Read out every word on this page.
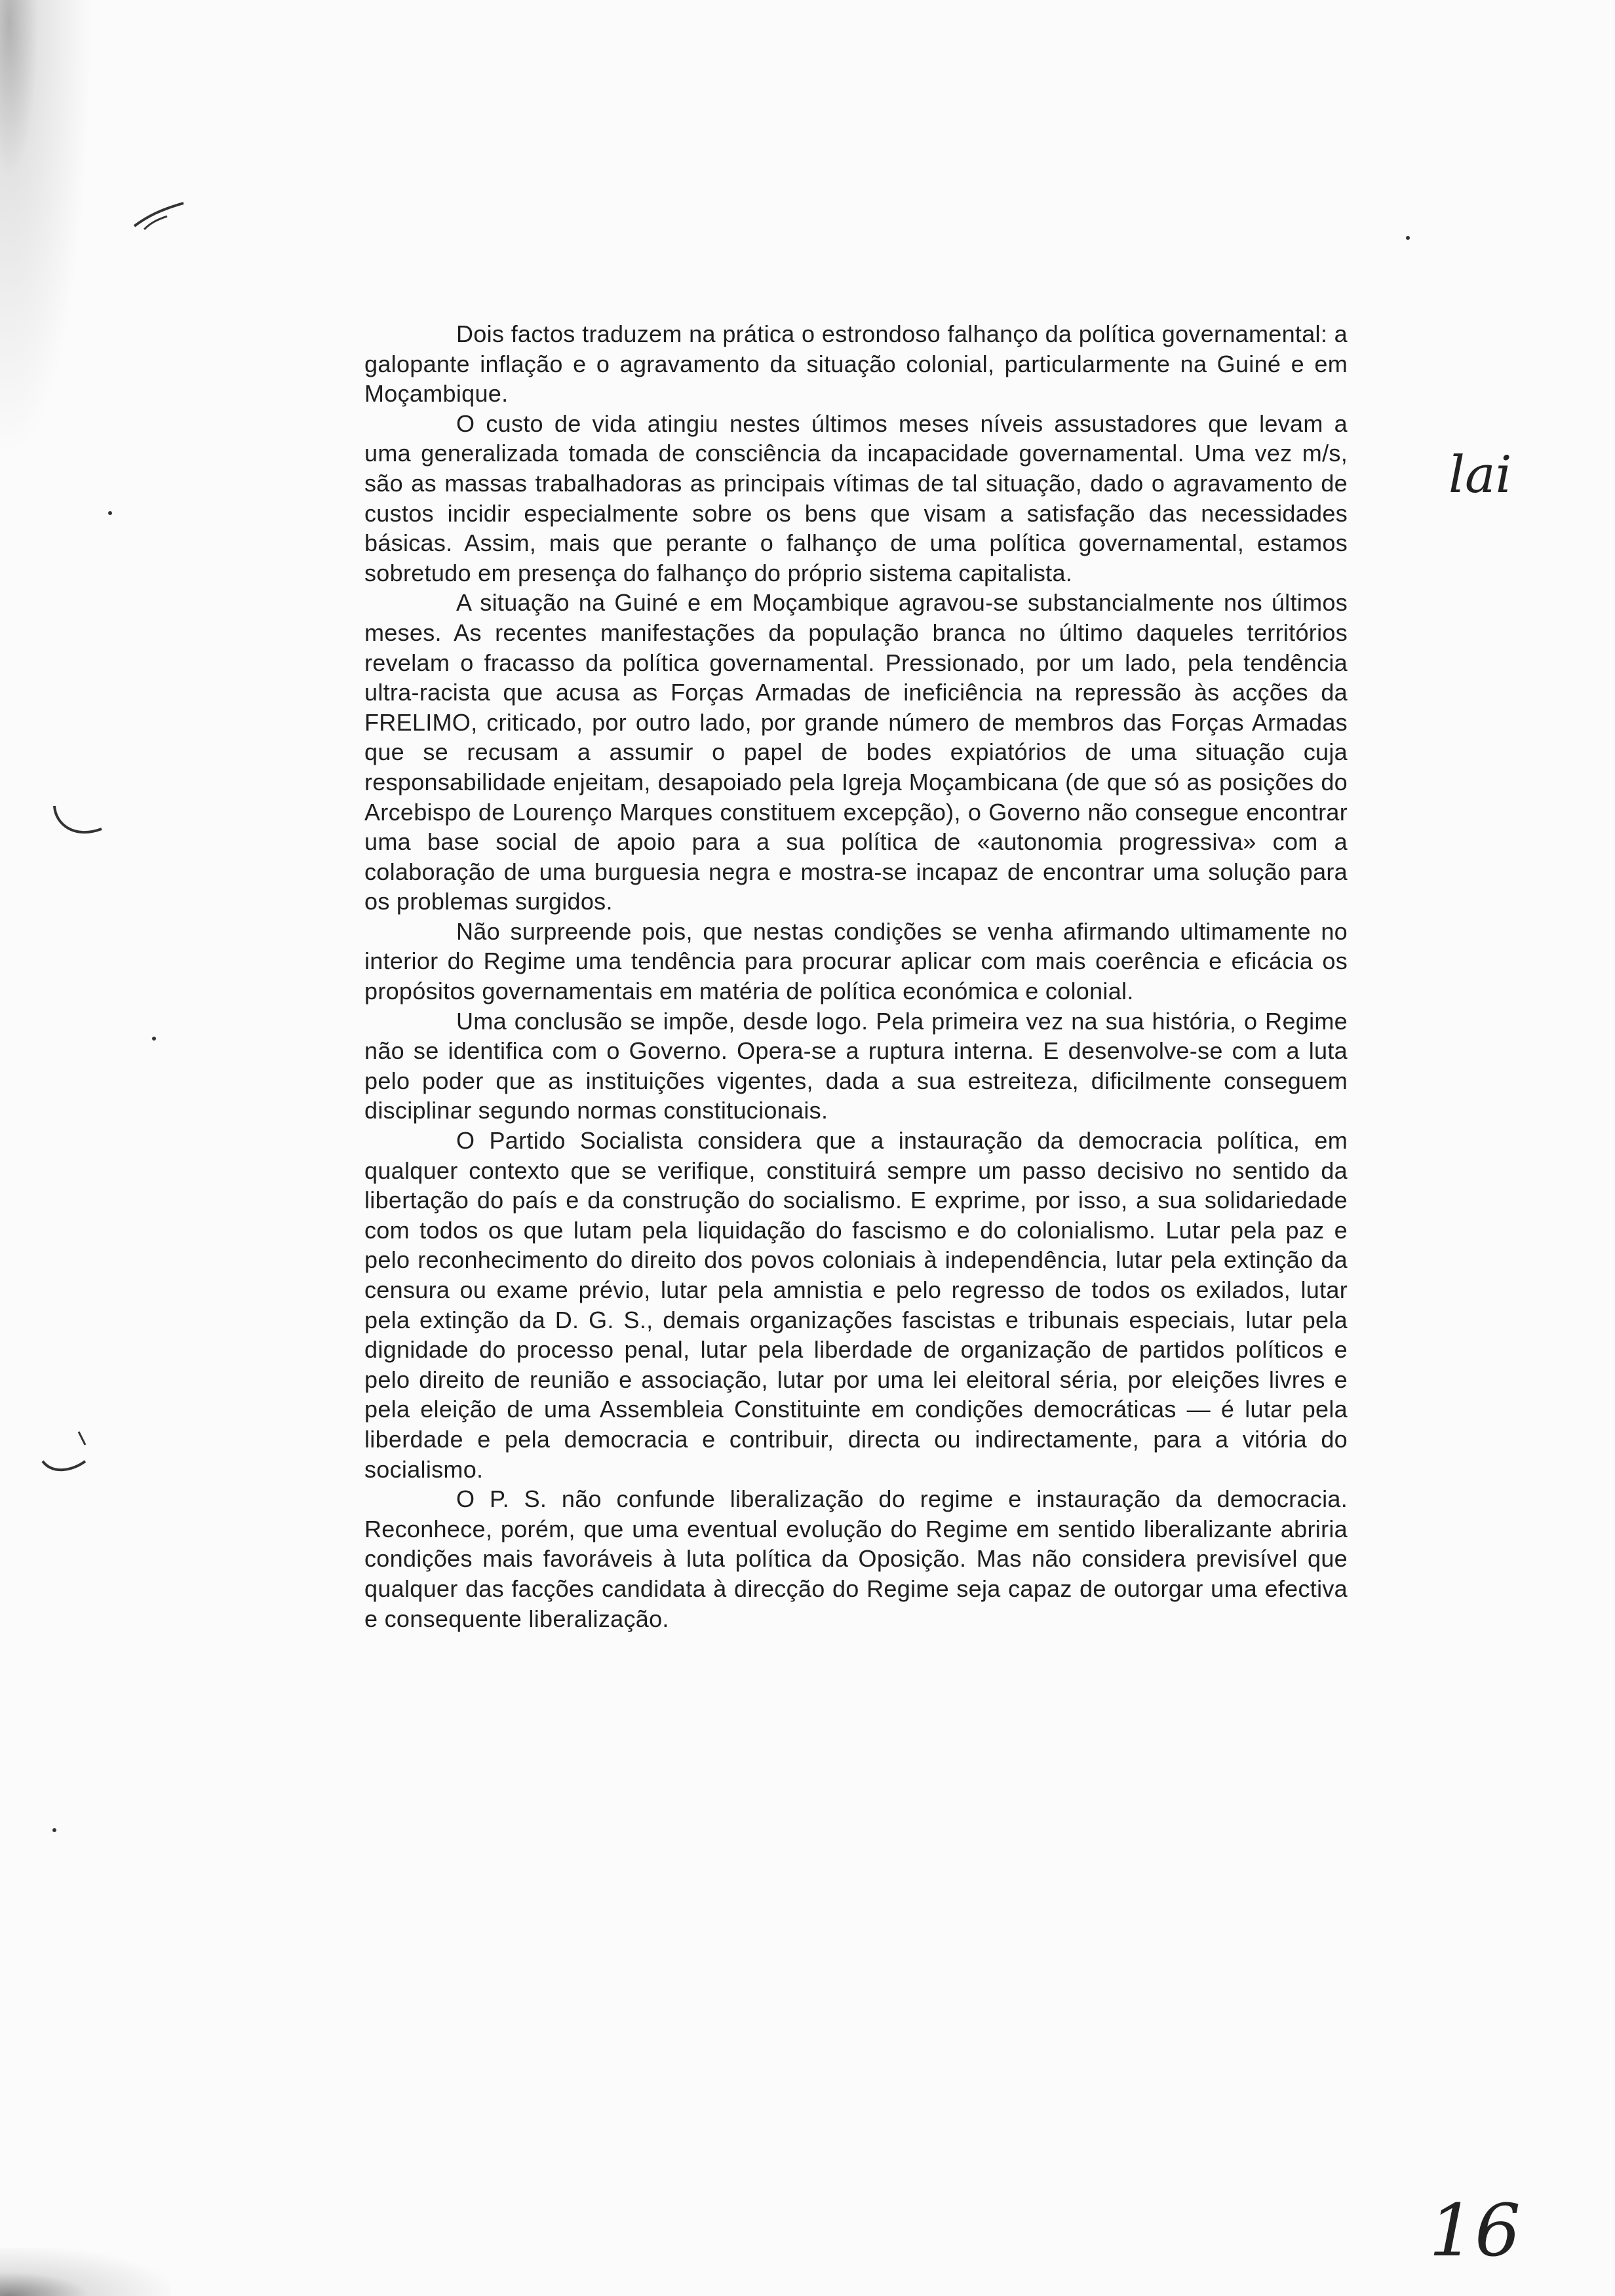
Dois factos traduzem na prática o estrondoso falhanço da política governamental: a galopante inflação e o agravamento da situação colonial, particularmente na Guiné e em Moçambique.

O custo de vida atingiu nestes últimos meses níveis assustadores que levam a uma generalizada tomada de consciência da incapacidade governamental. Uma vez m/s, são as massas trabalhadoras as principais vítimas de tal situação, dado o agravamento de custos incidir especialmente sobre os bens que visam a satisfação das necessidades básicas. Assim, mais que perante o falhanço de uma política governamental, estamos sobretudo em presença do falhanço do próprio sistema capitalista.

A situação na Guiné e em Moçambique agravou-se substancialmente nos últimos meses. As recentes manifestações da população branca no último daqueles territórios revelam o fracasso da política governamental. Pressionado, por um lado, pela tendência ultra-racista que acusa as Forças Armadas de ineficiência na repressão às acções da FRELIMO, criticado, por outro lado, por grande número de membros das Forças Armadas que se recusam a assumir o papel de bodes expiatórios de uma situação cuja responsabilidade enjeitam, desapoiado pela Igreja Moçambicana (de que só as posições do Arcebispo de Lourenço Marques constituem excepção), o Governo não consegue encontrar uma base social de apoio para a sua política de «autonomia progressiva» com a colaboração de uma burguesia negra e mostra-se incapaz de encontrar uma solução para os problemas surgidos.

Não surpreende pois, que nestas condições se venha afirmando ultimamente no interior do Regime uma tendência para procurar aplicar com mais coerência e eficácia os propósitos governamentais em matéria de política económica e colonial.

Uma conclusão se impõe, desde logo. Pela primeira vez na sua história, o Regime não se identifica com o Governo. Opera-se a ruptura interna. E desenvolve-se com a luta pelo poder que as instituições vigentes, dada a sua estreiteza, dificilmente conseguem disciplinar segundo normas constitucionais.

O Partido Socialista considera que a instauração da democracia política, em qualquer contexto que se verifique, constituirá sempre um passo decisivo no sentido da libertação do país e da construção do socialismo. E exprime, por isso, a sua solidariedade com todos os que lutam pela liquidação do fascismo e do colonialismo. Lutar pela paz e pelo reconhecimento do direito dos povos coloniais à independência, lutar pela extinção da censura ou exame prévio, lutar pela amnistia e pelo regresso de todos os exilados, lutar pela extinção da D. G. S., demais organizações fascistas e tribunais especiais, lutar pela dignidade do processo penal, lutar pela liberdade de organização de partidos políticos e pelo direito de reunião e associação, lutar por uma lei eleitoral séria, por eleições livres e pela eleição de uma Assembleia Constituinte em condições democráticas — é lutar pela liberdade e pela democracia e contribuir, directa ou indirectamente, para a vitória do socialismo.

O P. S. não confunde liberalização do regime e instauração da democracia. Reconhece, porém, que uma eventual evolução do Regime em sentido liberalizante abriria condições mais favoráveis à luta política da Oposição. Mas não considera previsível que qualquer das facções candidata à direcção do Regime seja capaz de outorgar uma efectiva e consequente liberalização.

lai
16
